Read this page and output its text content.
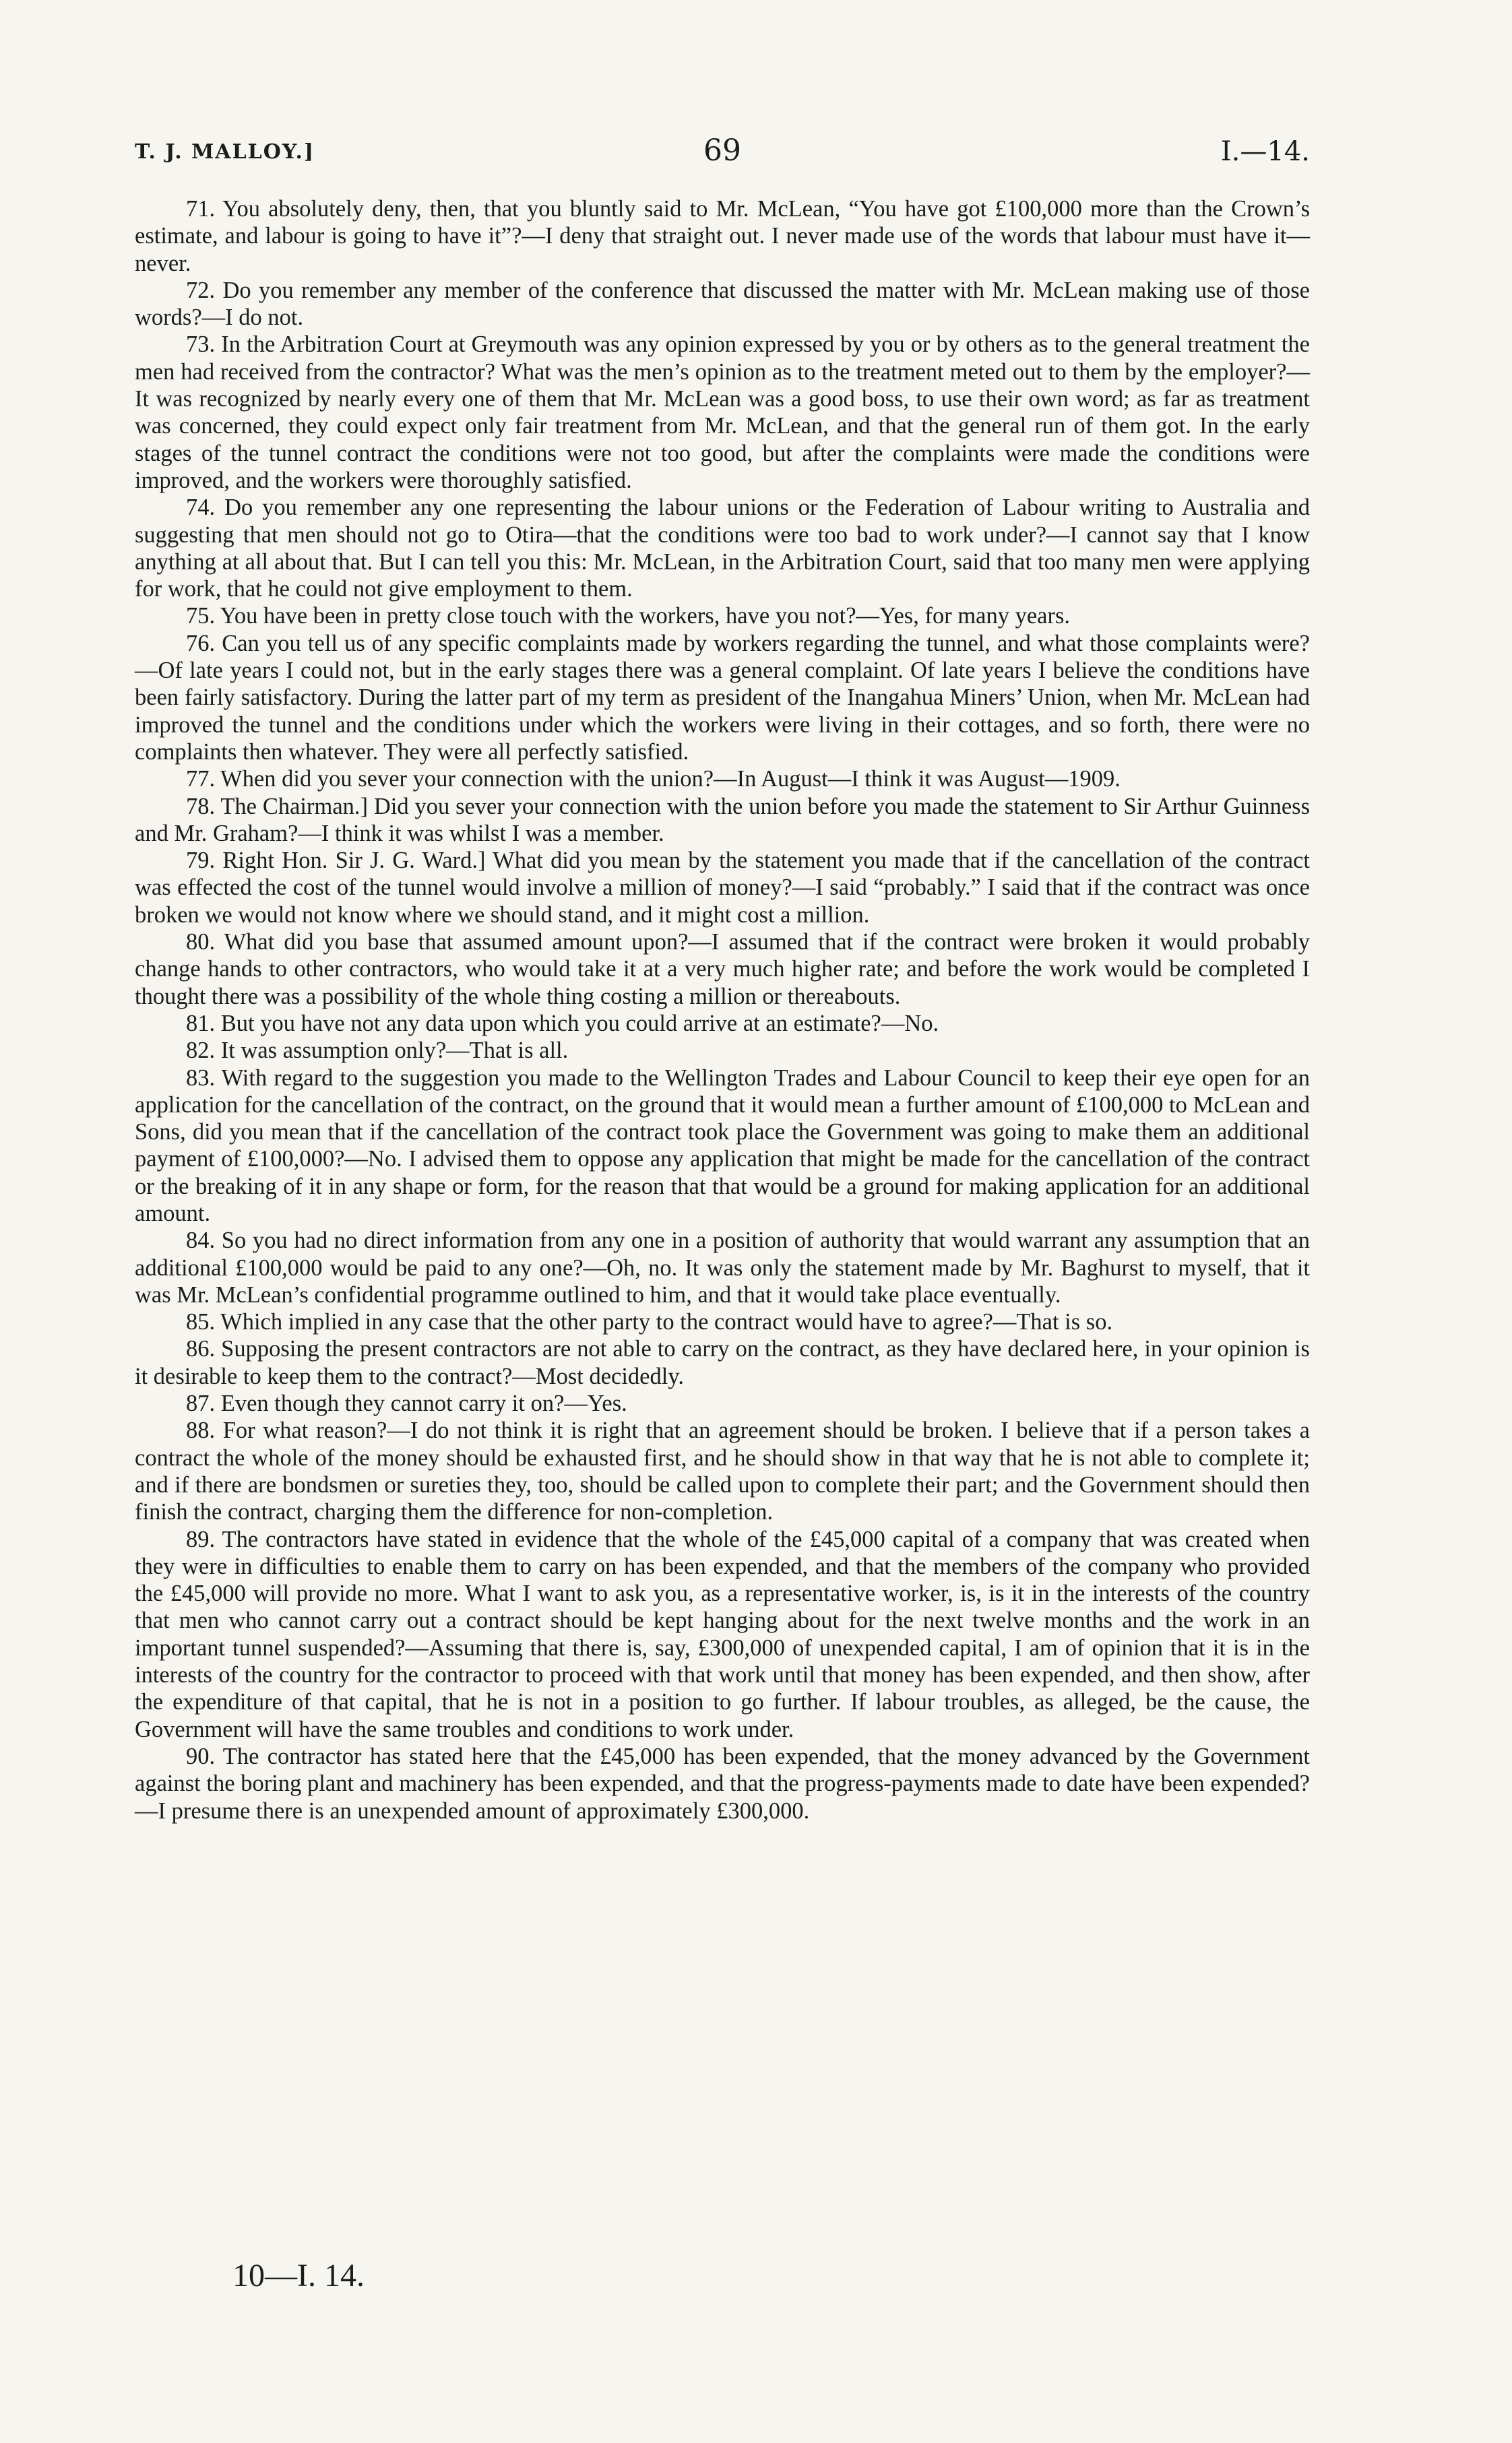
T. J. MALLOY.]	69	I.—14.

71. You absolutely deny, then, that you bluntly said to Mr. McLean, “You have got £100,000 more than the Crown’s estimate, and labour is going to have it”?—I deny that straight out. I never made use of the words that labour must have it—never.

72. Do you remember any member of the conference that discussed the matter with Mr. McLean making use of those words?—I do not.

73. In the Arbitration Court at Greymouth was any opinion expressed by you or by others as to the general treatment the men had received from the contractor? What was the men’s opinion as to the treatment meted out to them by the employer?—It was recognized by nearly every one of them that Mr. McLean was a good boss, to use their own word; as far as treatment was concerned, they could expect only fair treatment from Mr. McLean, and that the general run of them got. In the early stages of the tunnel contract the conditions were not too good, but after the complaints were made the conditions were improved, and the workers were thoroughly satisfied.

74. Do you remember any one representing the labour unions or the Federation of Labour writing to Australia and suggesting that men should not go to Otira—that the conditions were too bad to work under?—I cannot say that I know anything at all about that. But I can tell you this: Mr. McLean, in the Arbitration Court, said that too many men were applying for work, that he could not give employment to them.

75. You have been in pretty close touch with the workers, have you not?—Yes, for many years.

76. Can you tell us of any specific complaints made by workers regarding the tunnel, and what those complaints were?—Of late years I could not, but in the early stages there was a general complaint. Of late years I believe the conditions have been fairly satisfactory. During the latter part of my term as president of the Inangahua Miners’ Union, when Mr. McLean had improved the tunnel and the conditions under which the workers were living in their cottages, and so forth, there were no complaints then whatever. They were all perfectly satisfied.

77. When did you sever your connection with the union?—In August—I think it was August—1909.

78. The Chairman.] Did you sever your connection with the union before you made the statement to Sir Arthur Guinness and Mr. Graham?—I think it was whilst I was a member.

79. Right Hon. Sir J. G. Ward.] What did you mean by the statement you made that if the cancellation of the contract was effected the cost of the tunnel would involve a million of money?—I said “probably.” I said that if the contract was once broken we would not know where we should stand, and it might cost a million.

80. What did you base that assumed amount upon?—I assumed that if the contract were broken it would probably change hands to other contractors, who would take it at a very much higher rate; and before the work would be completed I thought there was a possibility of the whole thing costing a million or thereabouts.

81. But you have not any data upon which you could arrive at an estimate?—No.

82. It was assumption only?—That is all.

83. With regard to the suggestion you made to the Wellington Trades and Labour Council to keep their eye open for an application for the cancellation of the contract, on the ground that it would mean a further amount of £100,000 to McLean and Sons, did you mean that if the cancellation of the contract took place the Government was going to make them an additional payment of £100,000?—No. I advised them to oppose any application that might be made for the cancellation of the contract or the breaking of it in any shape or form, for the reason that that would be a ground for making application for an additional amount.

84. So you had no direct information from any one in a position of authority that would warrant any assumption that an additional £100,000 would be paid to any one?—Oh, no. It was only the statement made by Mr. Baghurst to myself, that it was Mr. McLean’s confidential programme outlined to him, and that it would take place eventually.

85. Which implied in any case that the other party to the contract would have to agree?—That is so.

86. Supposing the present contractors are not able to carry on the contract, as they have declared here, in your opinion is it desirable to keep them to the contract?—Most decidedly.

87. Even though they cannot carry it on?—Yes.

88. For what reason?—I do not think it is right that an agreement should be broken. I believe that if a person takes a contract the whole of the money should be exhausted first, and he should show in that way that he is not able to complete it; and if there are bondsmen or sureties they, too, should be called upon to complete their part; and the Government should then finish the contract, charging them the difference for non-completion.

89. The contractors have stated in evidence that the whole of the £45,000 capital of a company that was created when they were in difficulties to enable them to carry on has been expended, and that the members of the company who provided the £45,000 will provide no more. What I want to ask you, as a representative worker, is, is it in the interests of the country that men who cannot carry out a contract should be kept hanging about for the next twelve months and the work in an important tunnel suspended?—Assuming that there is, say, £300,000 of unexpended capital, I am of opinion that it is in the interests of the country for the contractor to proceed with that work until that money has been expended, and then show, after the expenditure of that capital, that he is not in a position to go further. If labour troubles, as alleged, be the cause, the Government will have the same troubles and conditions to work under.

90. The contractor has stated here that the £45,000 has been expended, that the money advanced by the Government against the boring plant and machinery has been expended, and that the progress-payments made to date have been expended?—I presume there is an unexpended amount of approximately £300,000.

10—I. 14.
